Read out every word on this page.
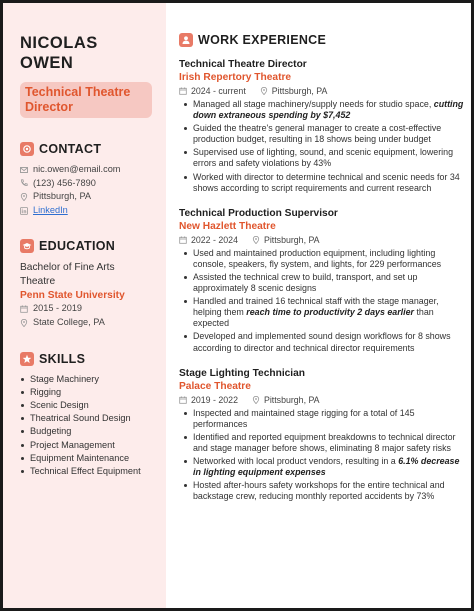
NICOLAS
OWEN
Technical Theatre Director
CONTACT
nic.owen@email.com
(123) 456-7890
Pittsburgh, PA
LinkedIn
EDUCATION
Bachelor of Fine Arts Theatre
Penn State University
2015 - 2019
State College, PA
SKILLS
Stage Machinery
Rigging
Scenic Design
Theatrical Sound Design
Budgeting
Project Management
Equipment Maintenance
Technical Effect Equipment
WORK EXPERIENCE
Technical Theatre Director
Irish Repertory Theatre
2024 - current	Pittsburgh, PA
Managed all stage machinery/supply needs for studio space, cutting down extraneous spending by $7,452
Guided the theatre's general manager to create a cost-effective production budget, resulting in 18 shows being under budget
Supervised use of lighting, sound, and scenic equipment, lowering errors and safety violations by 43%
Worked with director to determine technical and scenic needs for 34 shows according to script requirements and current research
Technical Production Supervisor
New Hazlett Theatre
2022 - 2024	Pittsburgh, PA
Used and maintained production equipment, including lighting console, speakers, fly system, and lights, for 229 performances
Assisted the technical crew to build, transport, and set up approximately 8 scenic designs
Handled and trained 16 technical staff with the stage manager, helping them reach time to productivity 2 days earlier than expected
Developed and implemented sound design workflows for 8 shows according to director and technical director requirements
Stage Lighting Technician
Palace Theatre
2019 - 2022	Pittsburgh, PA
Inspected and maintained stage rigging for a total of 145 performances
Identified and reported equipment breakdowns to technical director and stage manager before shows, eliminating 8 major safety risks
Networked with local product vendors, resulting in a 6.1% decrease in lighting equipment expenses
Hosted after-hours safety workshops for the entire technical and backstage crew, reducing monthly reported accidents by 73%
